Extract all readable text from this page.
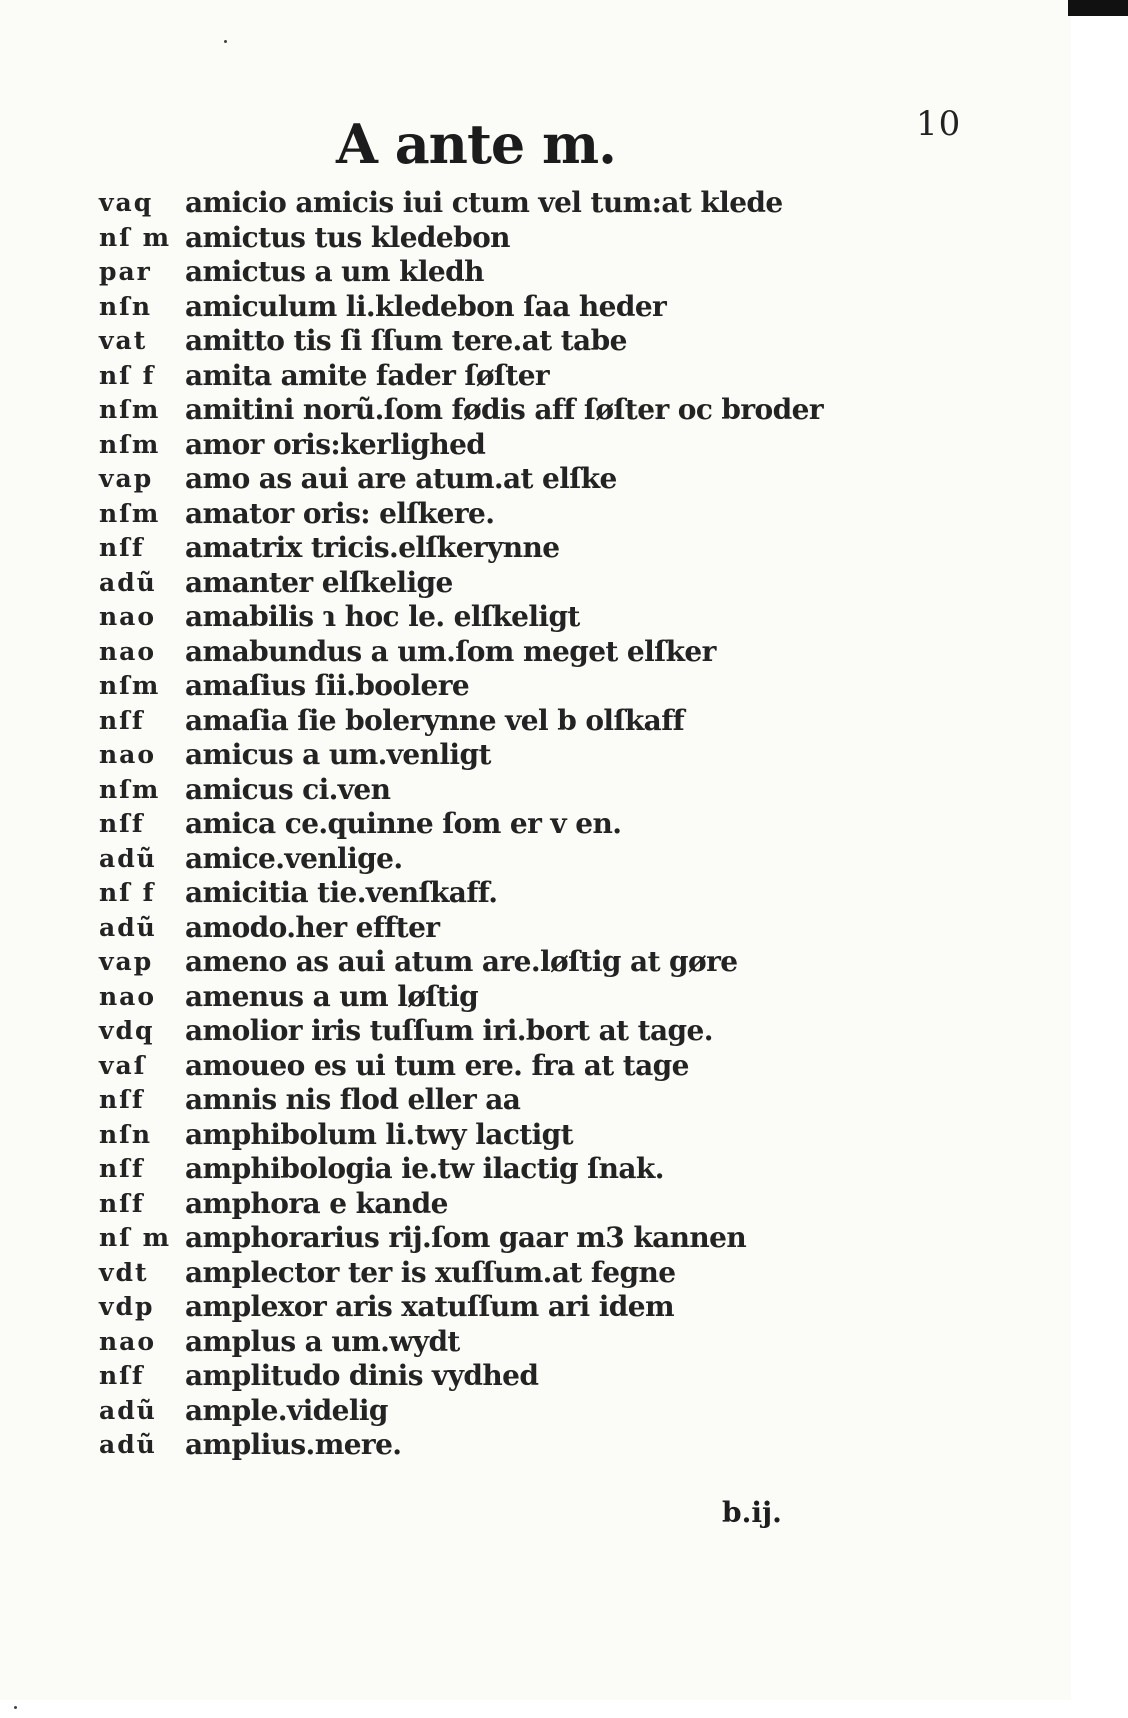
10
A ante m.
vaq	amicio amicis iui ctum vel tum:at klede
nſ m amictus tus kledebon
par	amictus a um kledh
nſn	amiculum li.kledebon ſaa heder
vat	amitto tis ſi ſſum tere.at tabe
nſ f	amita amite fader ſøſter
nſm amitini norũ.ſom fødis aff ſøſter oc broder
nſm amor oris:kerlighed
vap	amo as aui are atum.at elſke
nſm amator oris: elſkere.
nſf	amatrix tricis.elſkerynne
adũ	amanter elſkelige
nao	amabilis ɿ hoc le. elſkeligt
nao	amabundus a um.ſom meget elſker
nſm amaſius ſii.boolere
nſf	amaſia ſie bolerynne vel b olſkaff
nao	amicus a um.venligt
nſm amicus ci.ven
nſf	amica ce.quinne ſom er v en.
adũ	amice.venlige.
nſ f	amicitia tie.venſkaff.
adũ	amodo.her effter
vap	ameno as aui atum are.løſtig at gøre
nao	amenus a um løſtig
vdq	amolior iris tuſſum iri.bort at tage.
vaſ	amoueo es ui tum ere. fra at tage
nſf	amnis nis flod eller aa
nſn	amphibolum li.twy lactigt
nſf	amphibologia ie.tw ilactig ſnak.
nſf	amphora e kande
nſ m amphorarius rij.ſom gaar m3 kannen
vdt	amplector ter is xuſſum.at fegne
vdp	amplexor aris xatuſſum ari idem
nao	amplus a um.wydt
nſf	amplitudo dinis vydhed
adũ	ample.videlig
adũ	amplius.mere.
b.ij.
